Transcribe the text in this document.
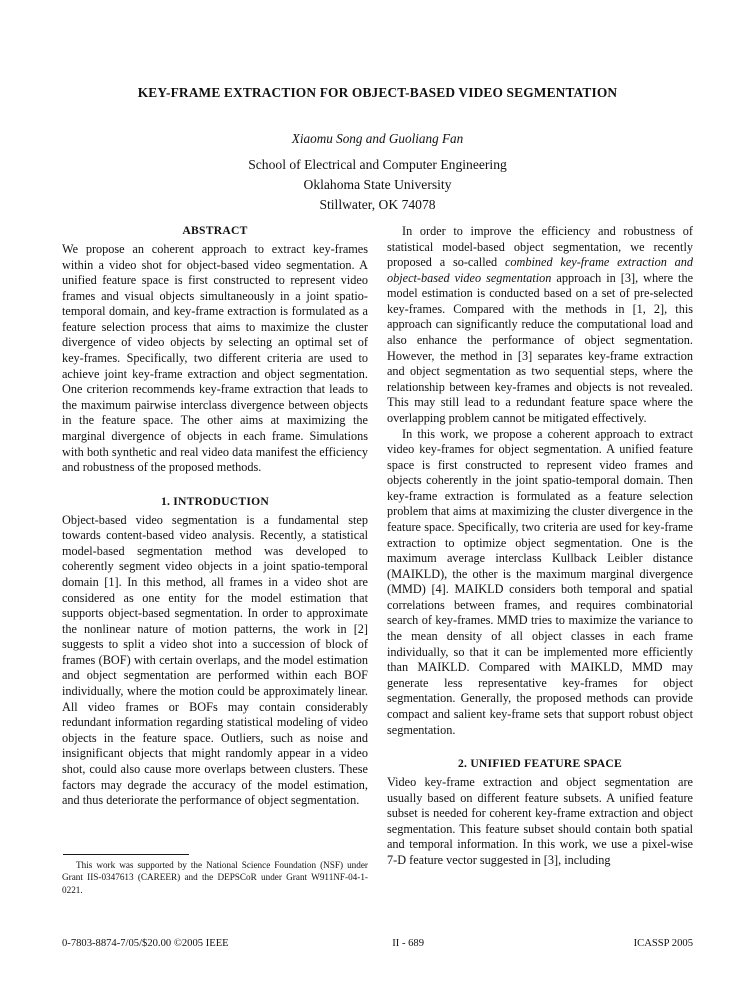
KEY-FRAME EXTRACTION FOR OBJECT-BASED VIDEO SEGMENTATION
Xiaomu Song and Guoliang Fan
School of Electrical and Computer Engineering
Oklahoma State University
Stillwater, OK 74078
ABSTRACT

We propose an coherent approach to extract key-frames within a video shot for object-based video segmentation. A unified feature space is first constructed to represent video frames and visual objects simultaneously in a joint spatio-temporal domain, and key-frame extraction is formulated as a feature selection process that aims to maximize the cluster divergence of video objects by selecting an optimal set of key-frames. Specifically, two different criteria are used to achieve joint key-frame extraction and object segmentation. One criterion recommends key-frame extraction that leads to the maximum pairwise interclass divergence between objects in the feature space. The other aims at maximizing the marginal divergence of objects in each frame. Simulations with both synthetic and real video data manifest the efficiency and robustness of the proposed methods.

1. INTRODUCTION

Object-based video segmentation is a fundamental step towards content-based video analysis. Recently, a statistical model-based segmentation method was developed to coherently segment video objects in a joint spatio-temporal domain [1]. In this method, all frames in a video shot are considered as one entity for the model estimation that supports object-based segmentation. In order to approximate the nonlinear nature of motion patterns, the work in [2] suggests to split a video shot into a succession of block of frames (BOF) with certain overlaps, and the model estimation and object segmentation are performed within each BOF individually, where the motion could be approximately linear. All video frames or BOFs may contain considerably redundant information regarding statistical modeling of video objects in the feature space. Outliers, such as noise and insignificant objects that might randomly appear in a video shot, could also cause more overlaps between clusters. These factors may degrade the accuracy of the model estimation, and thus deteriorate the performance of object segmentation.

This work was supported by the National Science Foundation (NSF) under Grant IIS-0347613 (CAREER) and the DEPSCoR under Grant W911NF-04-1-0221.

In order to improve the efficiency and robustness of statistical model-based object segmentation, we recently proposed a so-called combined key-frame extraction and object-based video segmentation approach in [3], where the model estimation is conducted based on a set of pre-selected key-frames. Compared with the methods in [1, 2], this approach can significantly reduce the computational load and also enhance the performance of object segmentation. However, the method in [3] separates key-frame extraction and object segmentation as two sequential steps, where the relationship between key-frames and objects is not revealed. This may still lead to a redundant feature space where the overlapping problem cannot be mitigated effectively.

In this work, we propose a coherent approach to extract video key-frames for object segmentation. A unified feature space is first constructed to represent video frames and objects coherently in the joint spatio-temporal domain. Then key-frame extraction is formulated as a feature selection problem that aims at maximizing the cluster divergence in the feature space. Specifically, two criteria are used for key-frame extraction to optimize object segmentation. One is the maximum average interclass Kullback Leibler distance (MAIKLD), the other is the maximum marginal divergence (MMD) [4]. MAIKLD considers both temporal and spatial correlations between frames, and requires combinatorial search of key-frames. MMD tries to maximize the variance to the mean density of all object classes in each frame individually, so that it can be implemented more efficiently than MAIKLD. Compared with MAIKLD, MMD may generate less representative key-frames for object segmentation. Generally, the proposed methods can provide compact and salient key-frame sets that support robust object segmentation.

2. UNIFIED FEATURE SPACE

Video key-frame extraction and object segmentation are usually based on different feature subsets. A unified feature subset is needed for coherent key-frame extraction and object segmentation. This feature subset should contain both spatial and temporal information. In this work, we use a pixel-wise 7-D feature vector suggested in [3], including

0-7803-8874-7/05/$20.00 ©2005 IEEE	II - 689	ICASSP 2005
